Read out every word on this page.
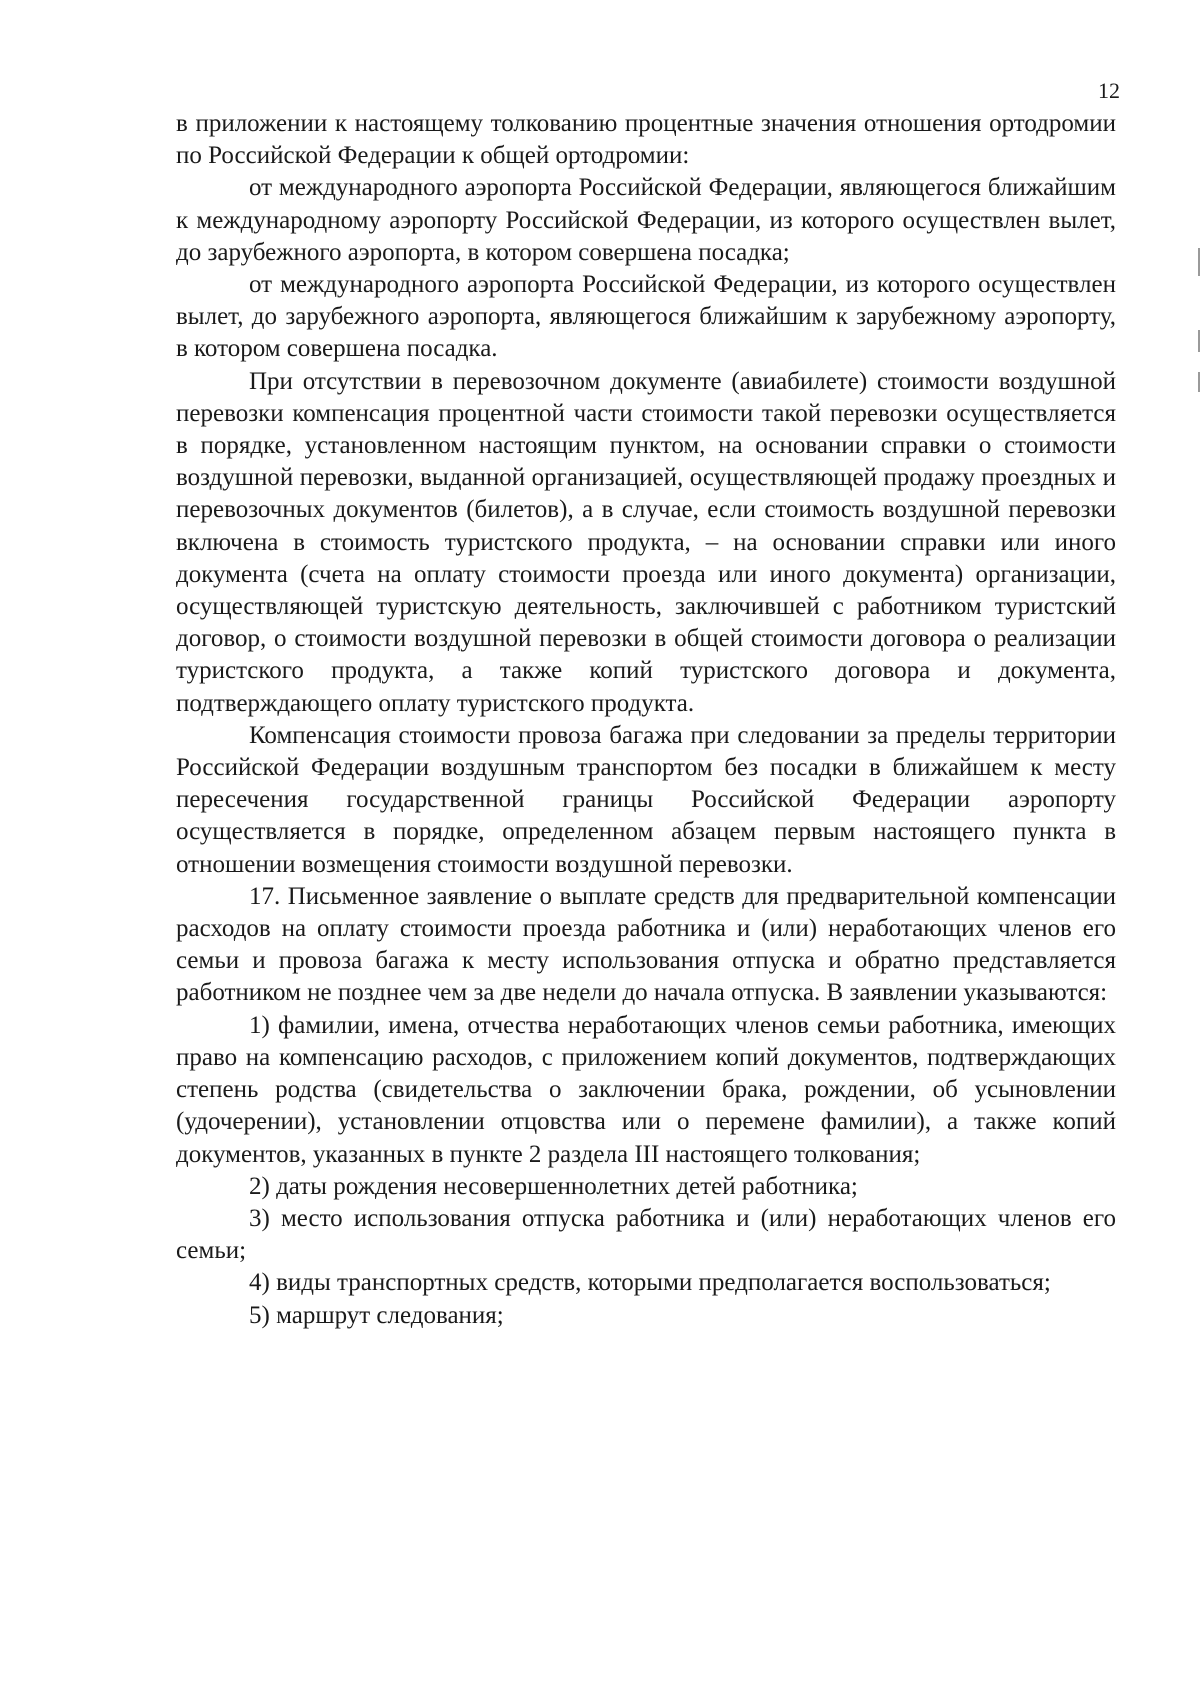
12

в приложении к настоящему толкованию процентные значения отношения ортодромии по Российской Федерации к общей ортодромии:

от международного аэропорта Российской Федерации, являющегося ближайшим к международному аэропорту Российской Федерации, из которого осуществлен вылет, до зарубежного аэропорта, в котором совершена посадка;

от международного аэропорта Российской Федерации, из которого осуществлен вылет, до зарубежного аэропорта, являющегося ближайшим к зарубежному аэропорту, в котором совершена посадка.

При отсутствии в перевозочном документе (авиабилете) стоимости воздушной перевозки компенсация процентной части стоимости такой перевозки осуществляется в порядке, установленном настоящим пунктом, на основании справки о стоимости воздушной перевозки, выданной организацией, осуществляющей продажу проездных и перевозочных документов (билетов), а в случае, если стоимость воздушной перевозки включена в стоимость туристского продукта, – на основании справки или иного документа (счета на оплату стоимости проезда или иного документа) организации, осуществляющей туристскую деятельность, заключившей с работником туристский договор, о стоимости воздушной перевозки в общей стоимости договора о реализации туристского продукта, а также копий туристского договора и документа, подтверждающего оплату туристского продукта.

Компенсация стоимости провоза багажа при следовании за пределы территории Российской Федерации воздушным транспортом без посадки в ближайшем к месту пересечения государственной границы Российской Федерации аэропорту осуществляется в порядке, определенном абзацем первым настоящего пункта в отношении возмещения стоимости воздушной перевозки.

17. Письменное заявление о выплате средств для предварительной компенсации расходов на оплату стоимости проезда работника и (или) неработающих членов его семьи и провоза багажа к месту использования отпуска и обратно представляется работником не позднее чем за две недели до начала отпуска. В заявлении указываются:

1) фамилии, имена, отчества неработающих членов семьи работника, имеющих право на компенсацию расходов, с приложением копий документов, подтверждающих степень родства (свидетельства о заключении брака, рождении, об усыновлении (удочерении), установлении отцовства или о перемене фамилии), а также копий документов, указанных в пункте 2 раздела III настоящего толкования;

2) даты рождения несовершеннолетних детей работника;

3) место использования отпуска работника и (или) неработающих членов его семьи;

4) виды транспортных средств, которыми предполагается воспользоваться;

5) маршрут следования;
